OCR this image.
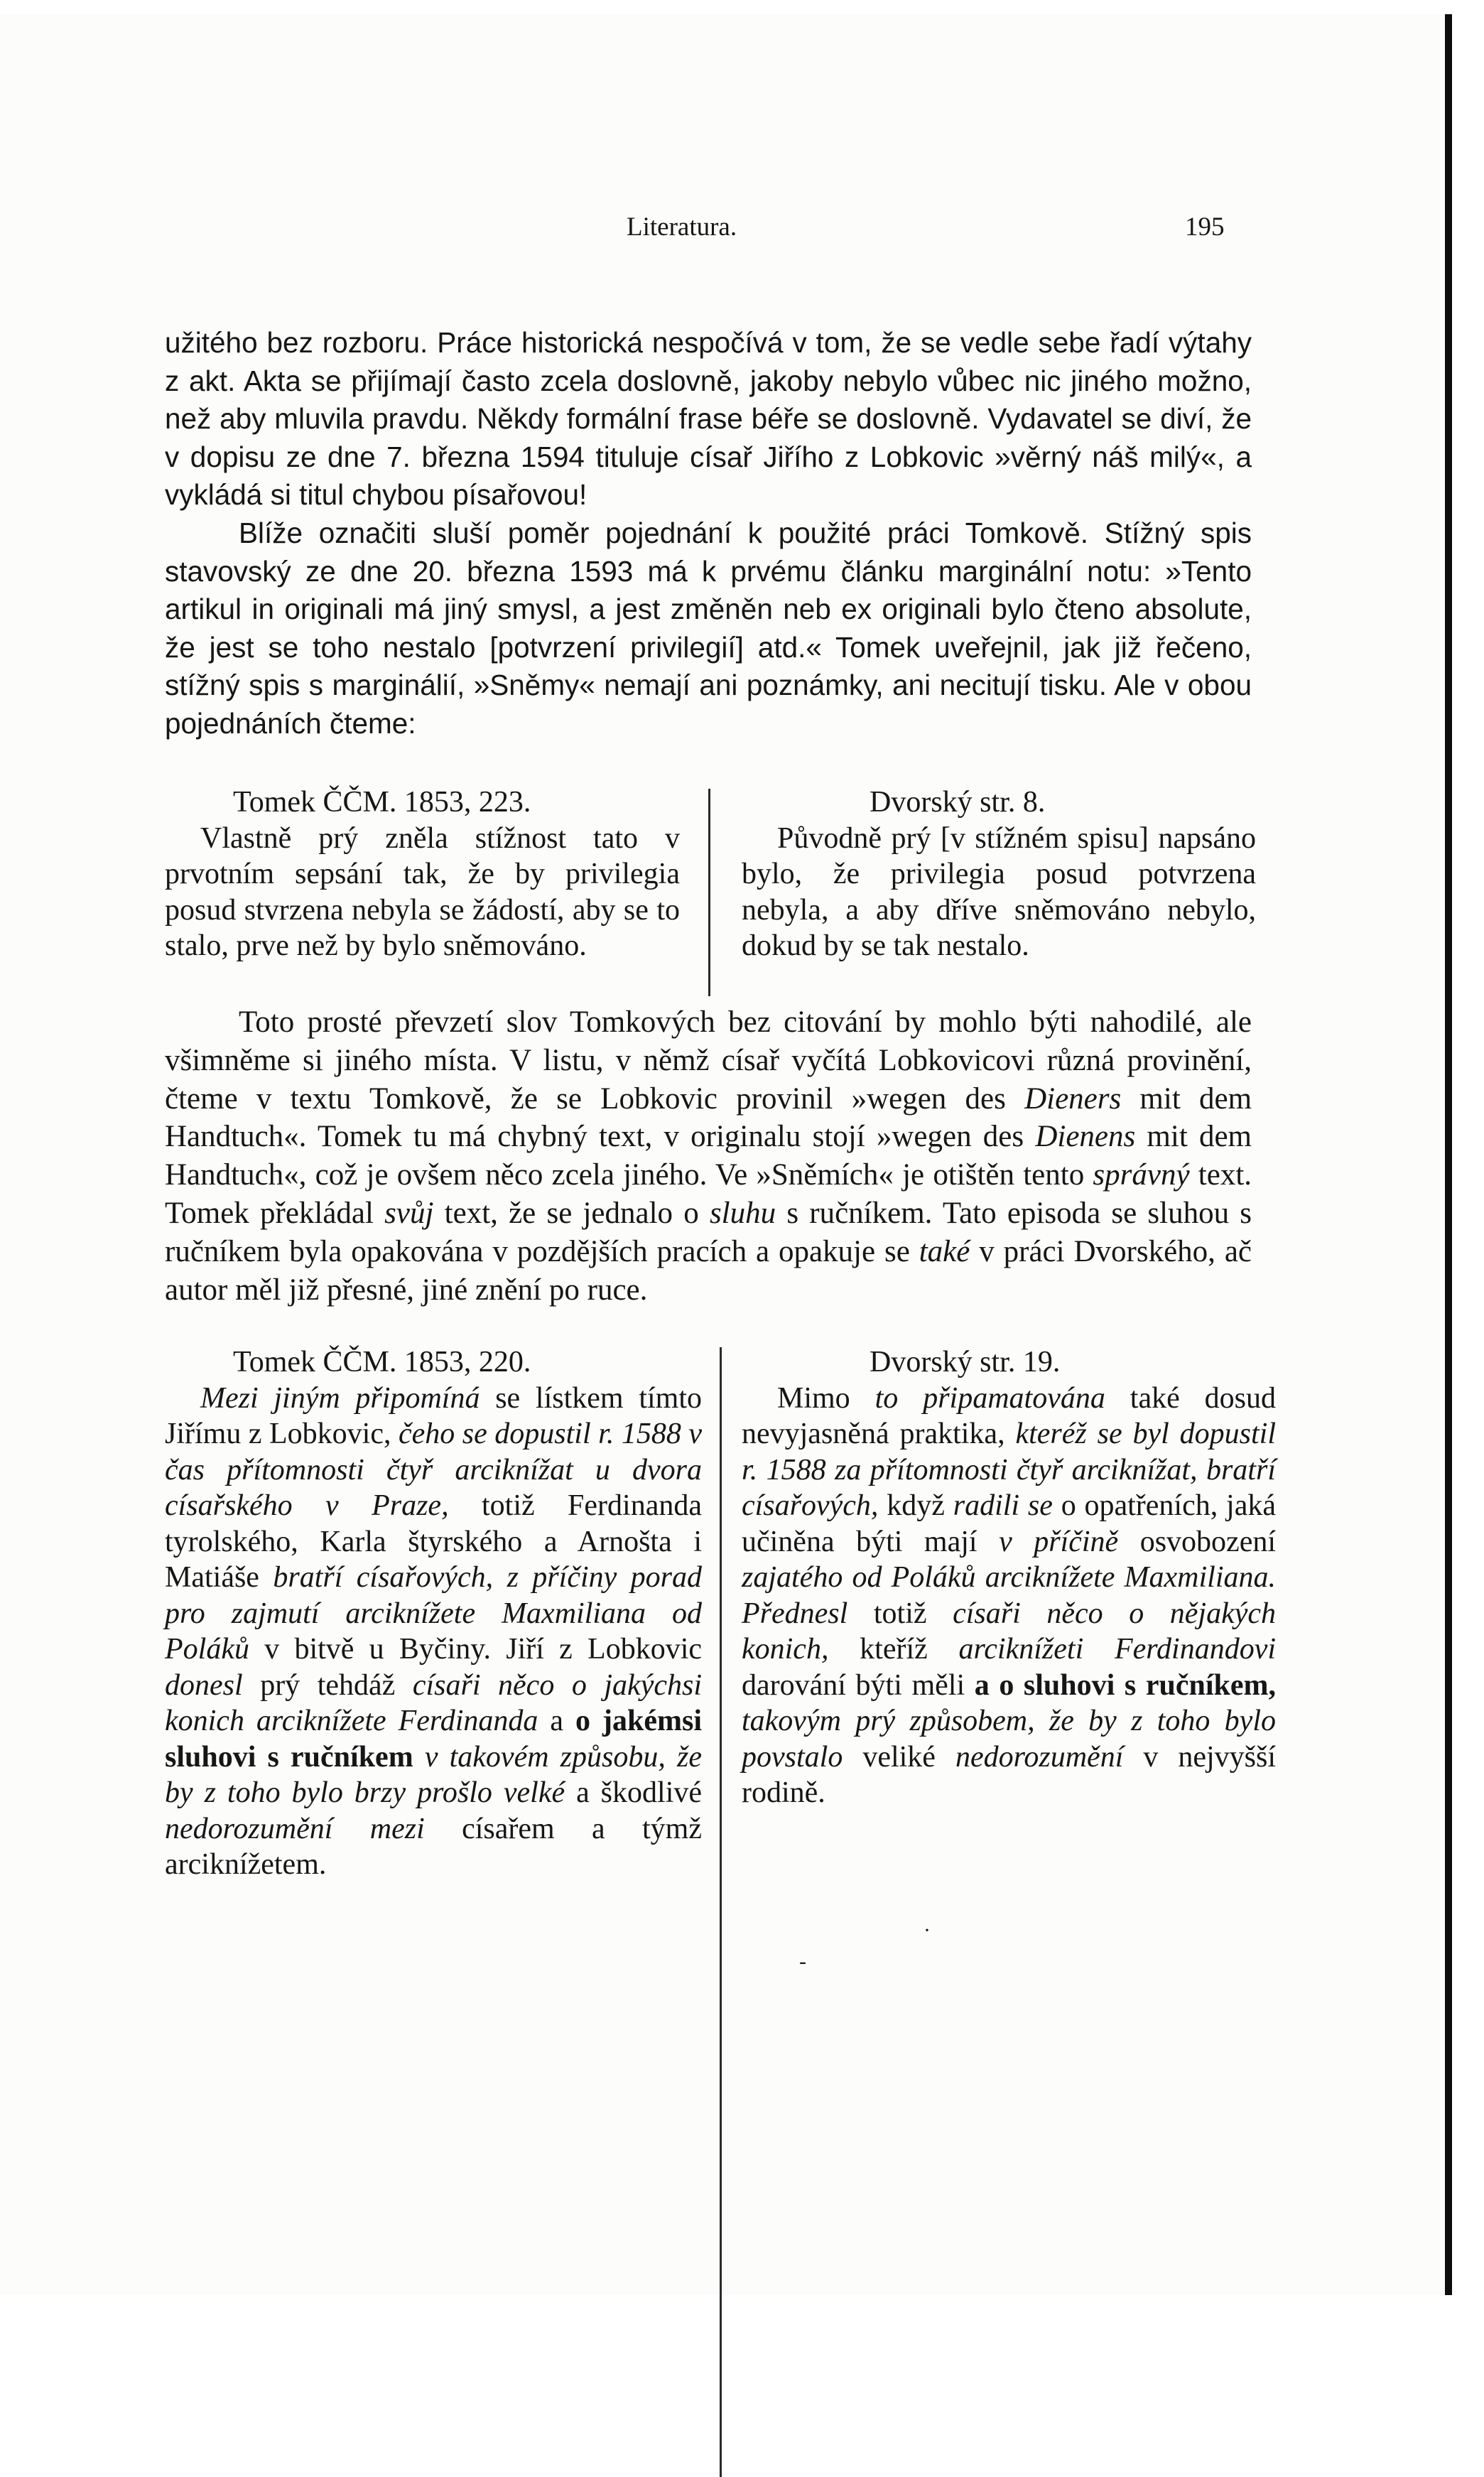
Literatura.	195

užitého bez rozboru. Práce historická nespočívá v tom, že se vedle sebe řadí výtahy z akt. Akta se přijímají často zcela doslovně, jakoby nebylo vůbec nic jiného možno, než aby mluvila pravdu. Někdy formální frase béře se doslovně. Vydavatel se diví, že v dopisu ze dne 7. března 1594 tituluje císař Jiřího z Lobkovic »věrný náš milý«, a vykládá si titul chybou písařovou!

Blíže označiti sluší poměr pojednání k použité práci Tomkově. Stížný spis stavovský ze dne 20. března 1593 má k prvému článku marginální notu: »Tento artikul in originali má jiný smysl, a jest změněn neb ex originali bylo čteno absolute, že jest se toho nestalo [potvrzení privilegií] atd.« Tomek uveřejnil, jak již řečeno, stížný spis s marginálií, »Sněmy« nemají ani poznámky, ani necitují tisku. Ale v obou pojednáních čteme:

Tomek ČČM. 1853, 223.

Vlastně prý zněla stížnost tato v prvotním sepsání tak, že by privilegia posud stvrzena nebyla se žádostí, aby se to stalo, prve než by bylo sněmováno.

Dvorský str. 8.

Původně prý [v stížném spisu] napsáno bylo, že privilegia posud potvrzena nebyla, a aby dříve sněmováno nebylo, dokud by se tak nestalo.

Toto prosté převzetí slov Tomkových bez citování by mohlo býti nahodilé, ale všimněme si jiného místa. V listu, v němž císař vyčítá Lobkovicovi různá provinění, čteme v textu Tomkově, že se Lobkovic provinil »wegen des Dieners mit dem Handtuch«. Tomek tu má chybný text, v originalu stojí »wegen des Dienens mit dem Handtuch«, což je ovšem něco zcela jiného. Ve »Sněmích« je otištěn tento správný text. Tomek překládal svůj text, že se jednalo o sluhu s ručníkem. Tato episoda se sluhou s ručníkem byla opakována v pozdějších pracích a opakuje se také v práci Dvorského, ač autor měl již přesné, jiné znění po ruce.

Tomek ČČM. 1853, 220.

Mezi jiným připomíná se lístkem tímto Jiřímu z Lobkovic, čeho se dopustil r. 1588 v čas přítomnosti čtyř arciknížat u dvora císařského v Praze, totiž Ferdinanda tyrolského, Karla štyrského a Arnošta i Matiáše bratří císařových, z příčiny porad pro zajmutí arciknížete Maxmiliana od Poláků v bitvě u Byčiny. Jiří z Lobkovic donesl prý tehdáž císaři něco o jakýchsi konich arciknížete Ferdinanda a o jakémsi sluhovi s ručníkem v takovém způsobu, že by z toho bylo brzy prošlo velké a škodlivé nedorozumění mezi císařem a týmž arciknížetem.

Dvorský str. 19.

Mimo to připamatována také dosud nevyjasněná praktika, kteréž se byl dopustil r. 1588 za přítomnosti čtyř arciknížat, bratří císařových, když radili se o opatřeních, jaká učiněna býti mají v příčině osvobození zajatého od Poláků arciknížete Maxmiliana. Přednesl totiž císaři něco o nějakých konich, kteříž arciknížeti Ferdinandovi darování býti měli a o sluhovi s ručníkem, takovým prý způsobem, že by z toho bylo povstalo veliké nedorozumění v nejvyšší rodině.

·
-
